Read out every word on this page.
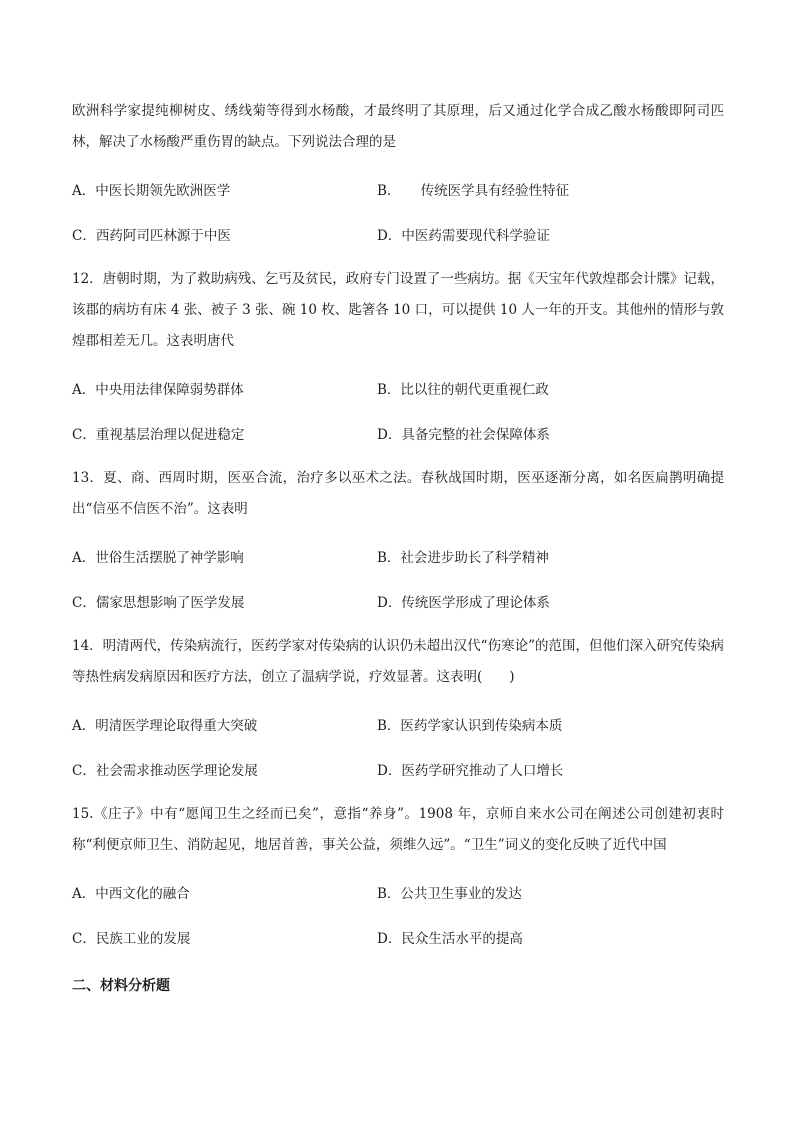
欧洲科学家提纯柳树皮、绣线菊等得到水杨酸，才最终明了其原理，后又通过化学合成乙酸水杨酸即阿司匹林，解决了水杨酸严重伤胃的缺点。下列说法合理的是

A．中医长期领先欧洲医学	B．　　传统医学具有经验性特征
C．西药阿司匹林源于中医	D．中医药需要现代科学验证

12．唐朝时期，为了救助病残、乞丐及贫民，政府专门设置了一些病坊。据《天宝年代敦煌郡会计牒》记载，该郡的病坊有床 4 张、被子 3 张、碗 10 枚、匙箸各 10 口，可以提供 10 人一年的开支。其他州的情形与敦煌郡相差无几。这表明唐代

A．中央用法律保障弱势群体	B．比以往的朝代更重视仁政
C．重视基层治理以促进稳定	D．具备完整的社会保障体系

13．夏、商、西周时期，医巫合流，治疗多以巫术之法。春秋战国时期，医巫逐渐分离，如名医扁鹊明确提出“信巫不信医不治”。这表明

A．世俗生活摆脱了神学影响	B．社会进步助长了科学精神
C．儒家思想影响了医学发展	D．传统医学形成了理论体系

14．明清两代，传染病流行，医药学家对传染病的认识仍未超出汉代“伤寒论”的范围，但他们深入研究传染病等热性病发病原因和医疗方法，创立了温病学说，疗效显著。这表明(　　)

A．明清医学理论取得重大突破	B．医药学家认识到传染病本质
C．社会需求推动医学理论发展	D．医药学研究推动了人口增长

15.《庄子》中有“愿闻卫生之经而已矣”，意指“养身”。1908 年，京师自来水公司在阐述公司创建初衷时称“利便京师卫生、消防起见，地居首善，事关公益，须维久远”。“卫生”词义的变化反映了近代中国

A．中西文化的融合	B．公共卫生事业的发达
C．民族工业的发展	D．民众生活水平的提高
二、材料分析题
